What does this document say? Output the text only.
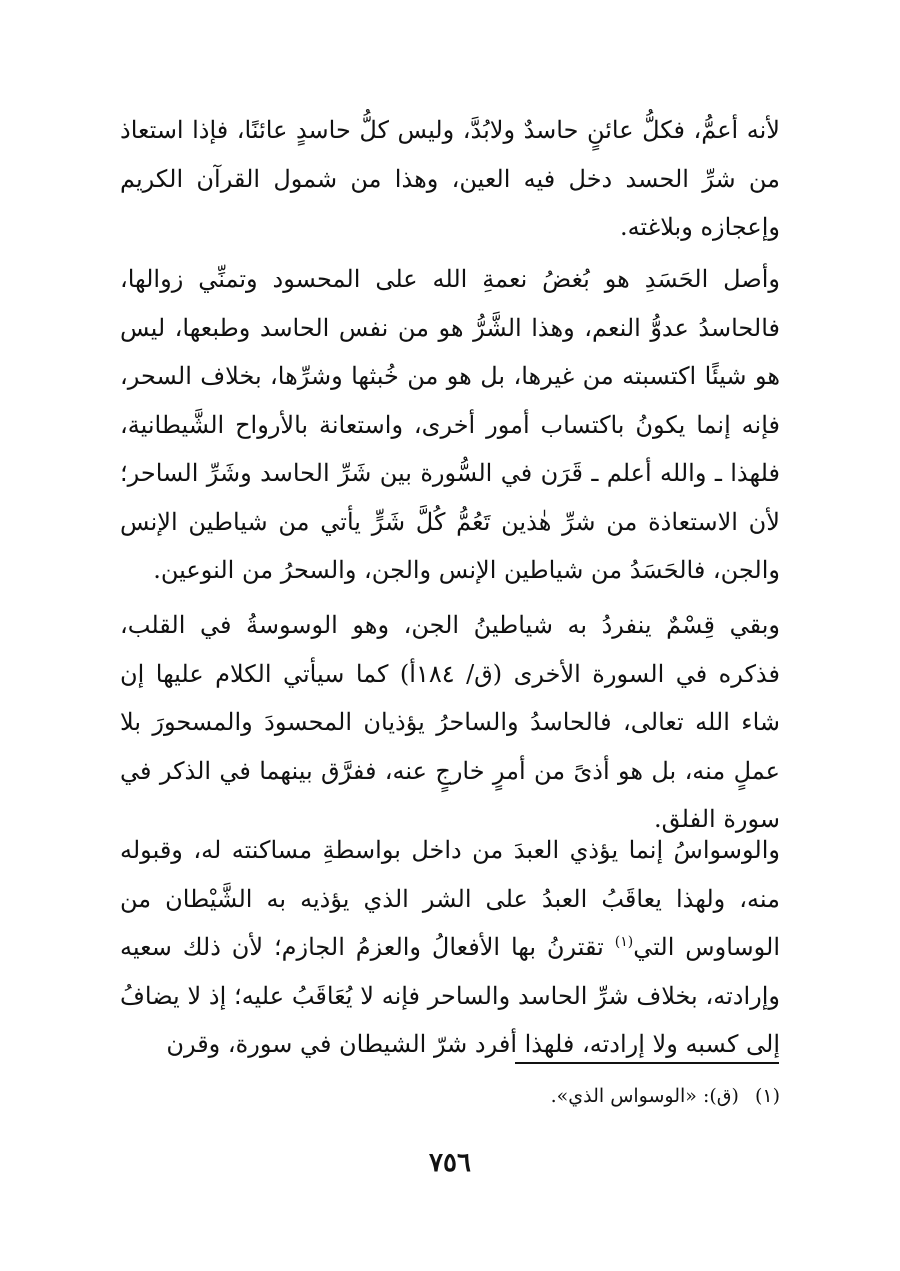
لأنه أعمُّ، فكلُّ عائنٍ حاسدٌ ولابُدَّ، وليس كلُّ حاسدٍ عائنًا، فإذا استعاذ من شرِّ الحسد دخل فيه العين، وهذا من شمول القرآن الكريم وإعجازه وبلاغته.

وأصل الحَسَدِ هو بُغضُ نعمةِ الله على المحسود وتمنِّي زوالها، فالحاسدُ عدوُّ النعم، وهذا الشَّرُّ هو من نفس الحاسد وطبعها، ليس هو شيئًا اكتسبته من غيرها، بل هو من خُبثها وشرِّها، بخلاف السحر، فإنه إنما يكونُ باكتساب أمور أخرى، واستعانة بالأرواح الشَّيطانية، فلهذا ـ والله أعلم ـ قَرَن في السُّورة بين شَرِّ الحاسد وشَرِّ الساحر؛ لأن الاستعاذة من شرِّ هٰذين تَعُمُّ كُلَّ شَرٍّ يأتي من شياطين الإنس والجن، فالحَسَدُ من شياطين الإنس والجن، والسحرُ من النوعين.

وبقي قِسْمٌ ينفردُ به شياطينُ الجن، وهو الوسوسةُ في القلب، فذكره في السورة الأخرى (ق/ ١٨٤أ) كما سيأتي الكلام عليها إن شاء الله تعالى، فالحاسدُ والساحرُ يؤذيان المحسودَ والمسحورَ بلا عملٍ منه، بل هو أذىً من أمرٍ خارجٍ عنه، ففرَّق بينهما في الذكر في سورة الفلق.

والوسواسُ إنما يؤذي العبدَ من داخل بواسطةِ مساكنته له، وقبوله منه، ولهذا يعاقَبُ العبدُ على الشر الذي يؤذيه به الشَّيْطان من الوساوس التي$^{(١)}$ تقترنُ بها الأفعالُ والعزمُ الجازم؛ لأن ذلك سعيه وإرادته، بخلاف شرِّ الحاسد والساحر فإنه لا يُعَاقَبُ عليه؛ إذ لا يضافُ إلى كسبه ولا إرادته، فلهذا أفرد شرّ الشيطان في سورة، وقرن

(١)(ق): «الوسواس الذي».

٧٥٦
